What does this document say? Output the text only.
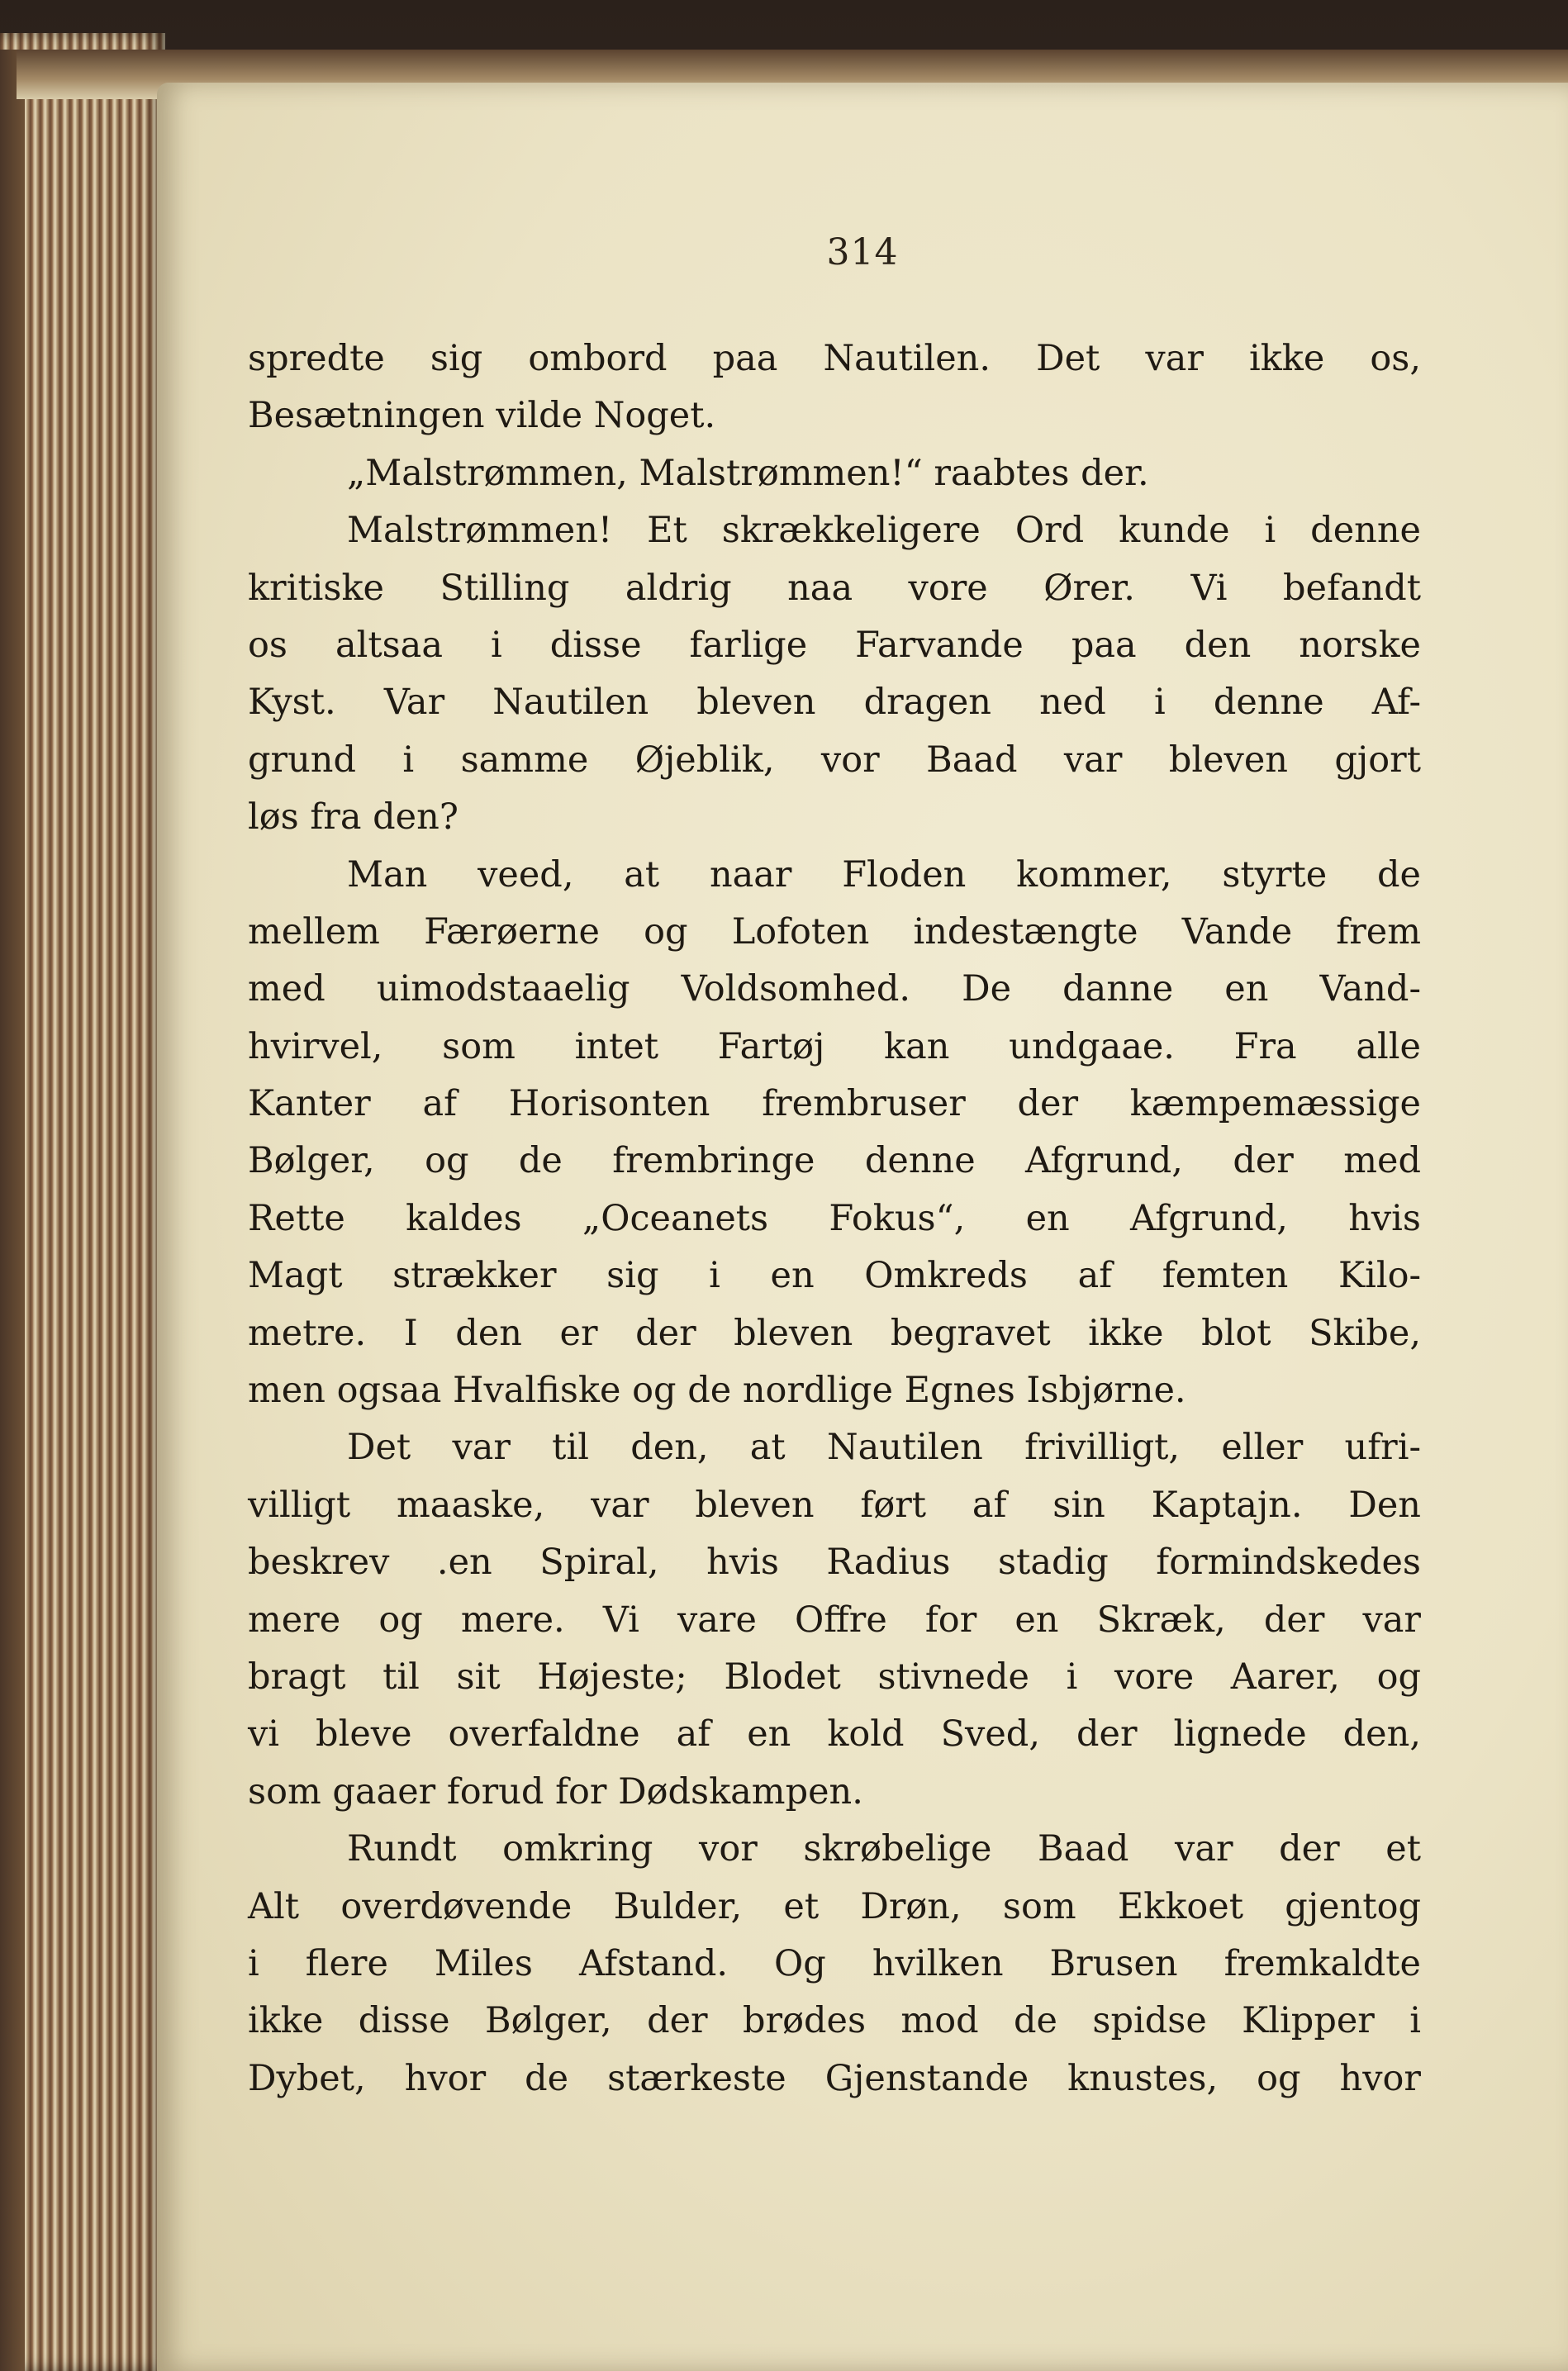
314
spredte sig ombord paa Nautilen. Det var ikke os,
Besætningen vilde Noget.
„Malstrømmen, Malstrømmen!“ raabtes der.
Malstrømmen! Et skrækkeligere Ord kunde i denne
kritiske Stilling aldrig naa vore Ører. Vi befandt
os altsaa i disse farlige Farvande paa den norske
Kyst. Var Nautilen bleven dragen ned i denne Af-
grund i samme Øjeblik, vor Baad var bleven gjort
løs fra den?
Man veed, at naar Floden kommer, styrte de
mellem Færøerne og Lofoten indestængte Vande frem
med uimodstaaelig Voldsomhed. De danne en Vand-
hvirvel, som intet Fartøj kan undgaae. Fra alle
Kanter af Horisonten frembruser der kæmpemæssige
Bølger, og de frembringe denne Afgrund, der med
Rette kaldes „Oceanets Fokus“, en Afgrund, hvis
Magt strækker sig i en Omkreds af femten Kilo-
metre. I den er der bleven begravet ikke blot Skibe,
men ogsaa Hvalfiske og de nordlige Egnes Isbjørne.
Det var til den, at Nautilen frivilligt, eller ufri-
villigt maaske, var bleven ført af sin Kaptajn. Den
beskrev .en Spiral, hvis Radius stadig formindskedes
mere og mere. Vi vare Offre for en Skræk, der var
bragt til sit Højeste; Blodet stivnede i vore Aarer, og
vi bleve overfaldne af en kold Sved, der lignede den,
som gaaer forud for Dødskampen.
Rundt omkring vor skrøbelige Baad var der et
Alt overdøvende Bulder, et Drøn, som Ekkoet gjentog
i flere Miles Afstand. Og hvilken Brusen fremkaldte
ikke disse Bølger, der brødes mod de spidse Klipper i
Dybet, hvor de stærkeste Gjenstande knustes, og hvor
